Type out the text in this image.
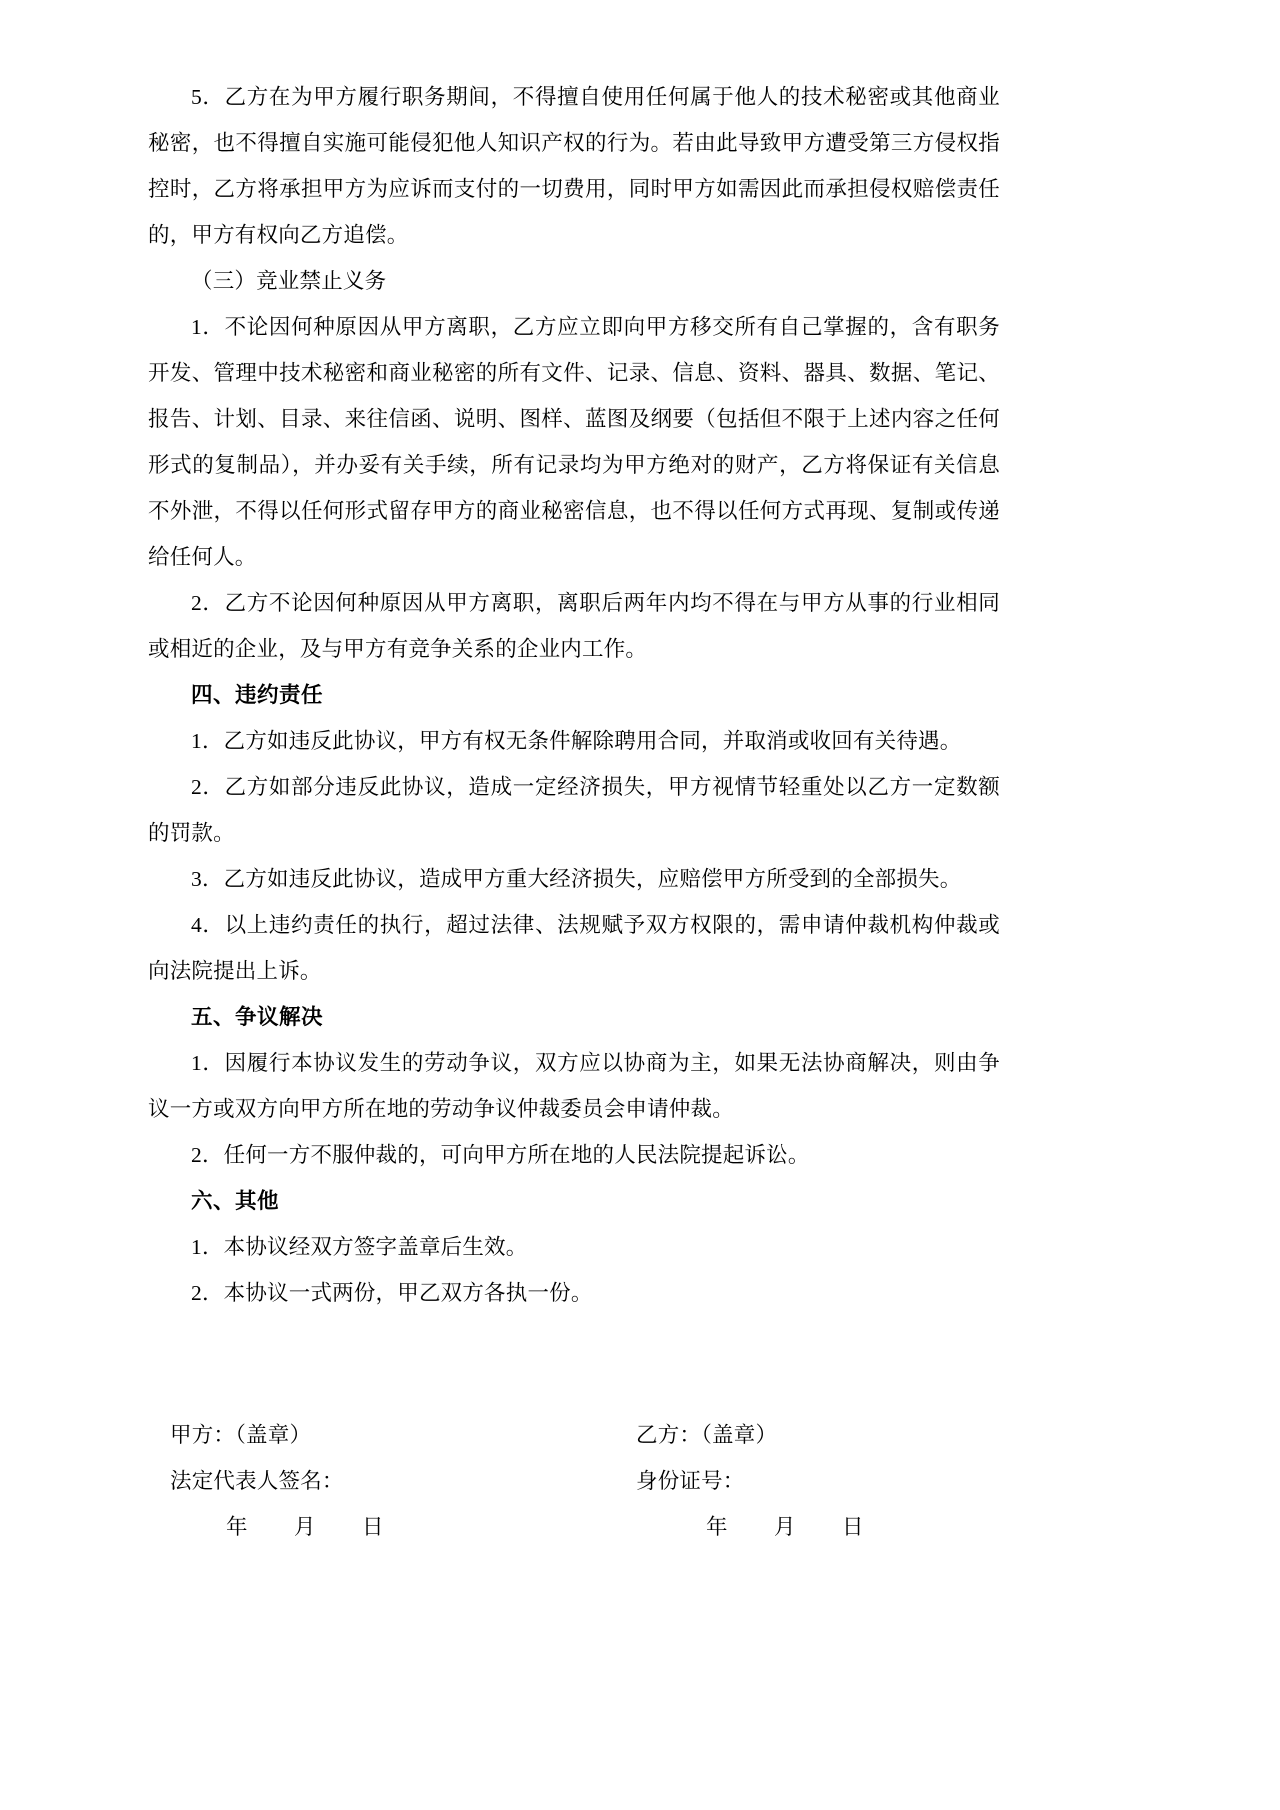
5．乙方在为甲方履行职务期间，不得擅自使用任何属于他人的技术秘密或其他商业秘密，也不得擅自实施可能侵犯他人知识产权的行为。若由此导致甲方遭受第三方侵权指控时，乙方将承担甲方为应诉而支付的一切费用，同时甲方如需因此而承担侵权赔偿责任的，甲方有权向乙方追偿。

（三）竞业禁止义务

1．不论因何种原因从甲方离职，乙方应立即向甲方移交所有自己掌握的，含有职务开发、管理中技术秘密和商业秘密的所有文件、记录、信息、资料、器具、数据、笔记、报告、计划、目录、来往信函、说明、图样、蓝图及纲要（包括但不限于上述内容之任何形式的复制品），并办妥有关手续，所有记录均为甲方绝对的财产，乙方将保证有关信息不外泄，不得以任何形式留存甲方的商业秘密信息，也不得以任何方式再现、复制或传递给任何人。

2．乙方不论因何种原因从甲方离职，离职后两年内均不得在与甲方从事的行业相同或相近的企业，及与甲方有竞争关系的企业内工作。

四、违约责任

1．乙方如违反此协议，甲方有权无条件解除聘用合同，并取消或收回有关待遇。

2．乙方如部分违反此协议，造成一定经济损失，甲方视情节轻重处以乙方一定数额的罚款。

3．乙方如违反此协议，造成甲方重大经济损失，应赔偿甲方所受到的全部损失。

4．以上违约责任的执行，超过法律、法规赋予双方权限的，需申请仲裁机构仲裁或向法院提出上诉。

五、争议解决

1．因履行本协议发生的劳动争议，双方应以协商为主，如果无法协商解决，则由争议一方或双方向甲方所在地的劳动争议仲裁委员会申请仲裁。

2．任何一方不服仲裁的，可向甲方所在地的人民法院提起诉讼。

六、其他

1．本协议经双方签字盖章后生效。

2．本协议一式两份，甲乙双方各执一份。

甲方：（盖章）	乙方：（盖章）
法定代表人签名：	身份证号：
年	月	日	年	月	日
